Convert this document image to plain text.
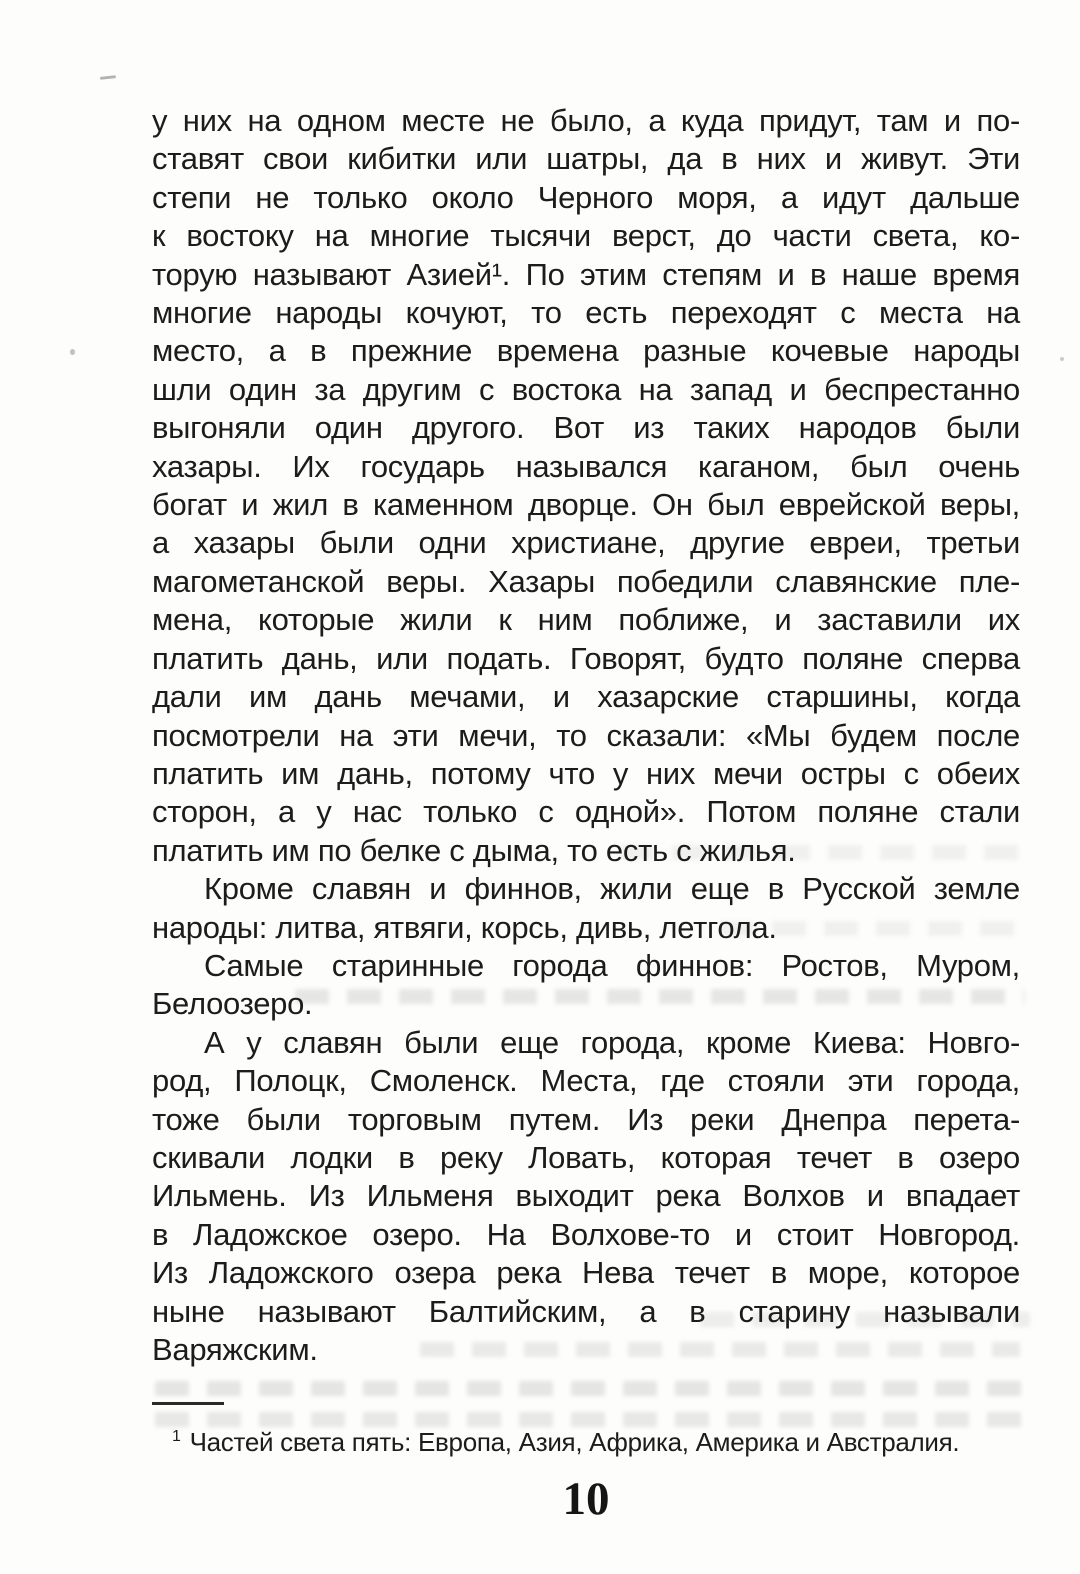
у них на одном месте не было, а куда придут, там и по-
ставят свои кибитки или шатры, да в них и живут. Эти
степи не только около Черного моря, а идут дальше
к востоку на многие тысячи верст, до части света, ко-
торую называют Азией¹. По этим степям и в наше время
многие народы кочуют, то есть переходят с места на
место, а в прежние времена разные кочевые народы
шли один за другим с востока на запад и беспрестанно
выгоняли один другого. Вот из таких народов были
хазары. Их государь назывался каганом, был очень
богат и жил в каменном дворце. Он был еврейской веры,
а хазары были одни христиане, другие евреи, третьи
магометанской веры. Хазары победили славянские пле-
мена, которые жили к ним поближе, и заставили их
платить дань, или подать. Говорят, будто поляне сперва
дали им дань мечами, и хазарские старшины, когда
посмотрели на эти мечи, то сказали: «Мы будем после
платить им дань, потому что у них мечи остры с обеих
сторон, а у нас только с одной». Потом поляне стали
платить им по белке с дыма, то есть с жилья.
Кроме славян и финнов, жили еще в Русской земле
народы: литва, ятвяги, корсь, дивь, летгола.
Самые старинные города финнов: Ростов, Муром,
Белоозеро.
А у славян были еще города, кроме Киева: Новго-
род, Полоцк, Смоленск. Места, где стояли эти города,
тоже были торговым путем. Из реки Днепра перета-
скивали лодки в реку Ловать, которая течет в озеро
Ильмень. Из Ильменя выходит река Волхов и впадает
в Ладожское озеро. На Волхове-то и стоит Новгород.
Из Ладожского озера река Нева течет в море, которое
ныне называют Балтийским, а в старину называли
Варяжским.
$^1$ Частей света пять: Европа, Азия, Африка, Америка и Австралия.
10
